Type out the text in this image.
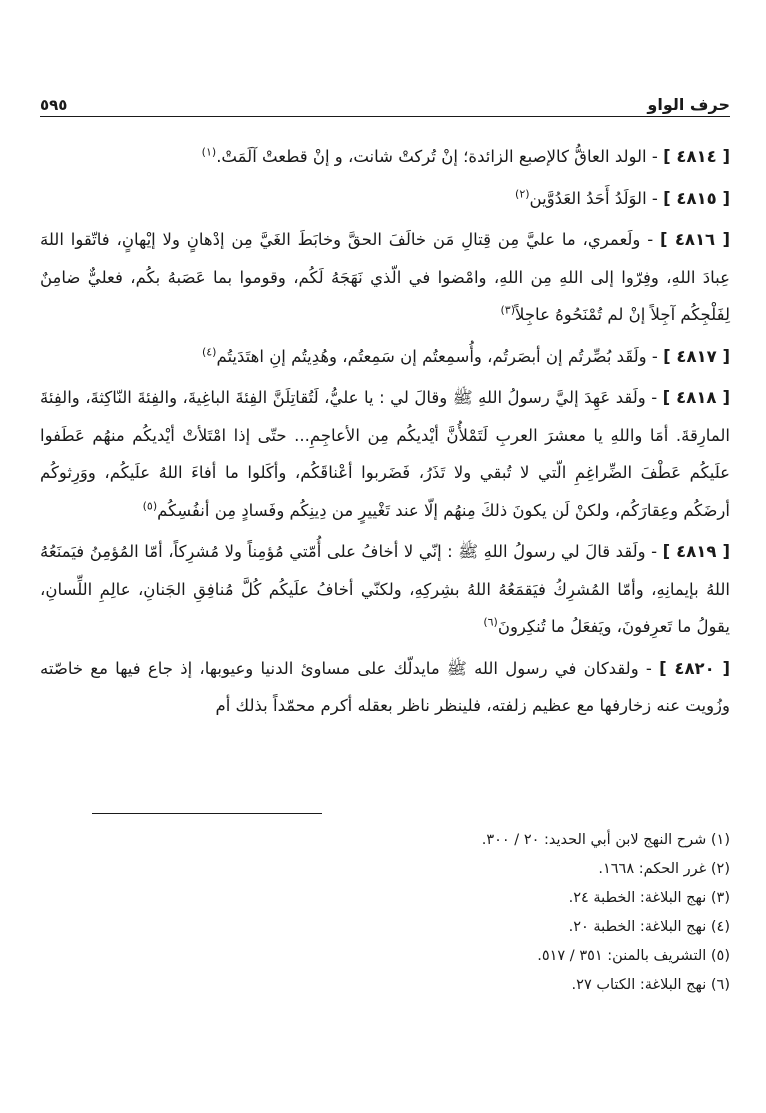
حرف الواو
٥٩٥

[ ٤٨١٤ ] - الولد العاقُّ كالإصبع الزائدة؛ إنْ تُركتْ شانت، و إنْ قطعتْ آلَمَتْ.$^{(١)}$

[ ٤٨١٥ ] - الوَلَدُ أَحَدُ العَدُوَّين$^{(٢)}$

[ ٤٨١٦ ] - ولَعمري، ما عليَّ مِن قِتالِ مَن خالَفَ الحقَّ وخابَطَ الغَيَّ مِن إدْهانٍ ولا إيْهانٍ، فاتّقوا اللهَ عِبادَ اللهِ، وفِرّوا إلى اللهِ مِن اللهِ، وامْضوا في الّذي نَهَجَهُ لَكُم، وقوموا بما عَصَبهُ بكُم، فعليٌّ ضامِنٌ لِفَلْجِكُم آجِلاً إنْ لم تُمْنَحُوهُ عاجِلاً$^{(٣)}$

[ ٤٨١٧ ] - ولَقَد بُصِّرتُم إن أبصَرتُم، وأُسمِعتُم إن سَمِعتُم، وهُدِيتُم إنِ اهتَدَيتُم$^{(٤)}$

[ ٤٨١٨ ] - ولَقد عَهِدَ إليَّ رسولُ اللهِ ﷺ وقالَ لي : يا عليُّ، لَتُقاتِلَنَّ الفِئةَ الباغِيةَ، والفِئةَ النّاكِثةَ، والفِئةَ المارِقةَ. أمَا واللهِ يا معشرَ العربِ لَتَمْلأُنَّ أيْديكُم مِن الأعاجِمِ... حتّى إذا امْتَلأتْ أيْديكُم منهُم عَطَفوا علَيكُم عَطْفَ الضِّراغِمِ الّتي لا تُبقي ولا تَذَرُ، فَضَربوا أعْناقَكُم، وأكَلوا ما أفاءَ اللهُ علَيكُم، ووَرِثوكُم أرضَكُم وعِقارَكُم، ولكنْ لَن يكونَ ذلكَ مِنهُم إلّا عند تَغْييرٍ من دِينِكُم وفَسادٍ مِن أنفُسِكُم$^{(٥)}$

[ ٤٨١٩ ] - ولَقد قالَ لي رسولُ اللهِ ﷺ : إنّي لا أخافُ على أُمّتي مُؤمِناً ولا مُشرِكاً، أمّا المُؤمِنُ فيَمنَعُهُ اللهُ بإيمانِهِ، وأمّا المُشرِكُ فيَقمَعُهُ اللهُ بشِركِهِ، ولكنّي أخافُ علَيكُم كُلَّ مُنافِقِ الجَنانِ، عالِمِ اللِّسانِ، يقولُ ما تَعرِفونَ، ويَفعَلُ ما تُنكِرونَ$^{(٦)}$

[ ٤٨٢٠ ] - ولقدكان في رسول الله ﷺ مايدلّك على مساوئ الدنيا وعيوبها، إذ جاع فيها مع خاصّته وزُويت عنه زخارفها مع عظيم زلفته، فلينظر ناظر بعقله أكرم محمّداً بذلك أم

(١) شرح النهج لابن أبي الحديد: ٢٠ / ٣٠٠.
(٢) غرر الحكم: ١٦٦٨.
(٣) نهج البلاغة: الخطبة ٢٤.
(٤) نهج البلاغة: الخطبة ٢٠.
(٥) التشريف بالمنن: ٣٥١ / ٥١٧.
(٦) نهج البلاغة: الكتاب ٢٧.
